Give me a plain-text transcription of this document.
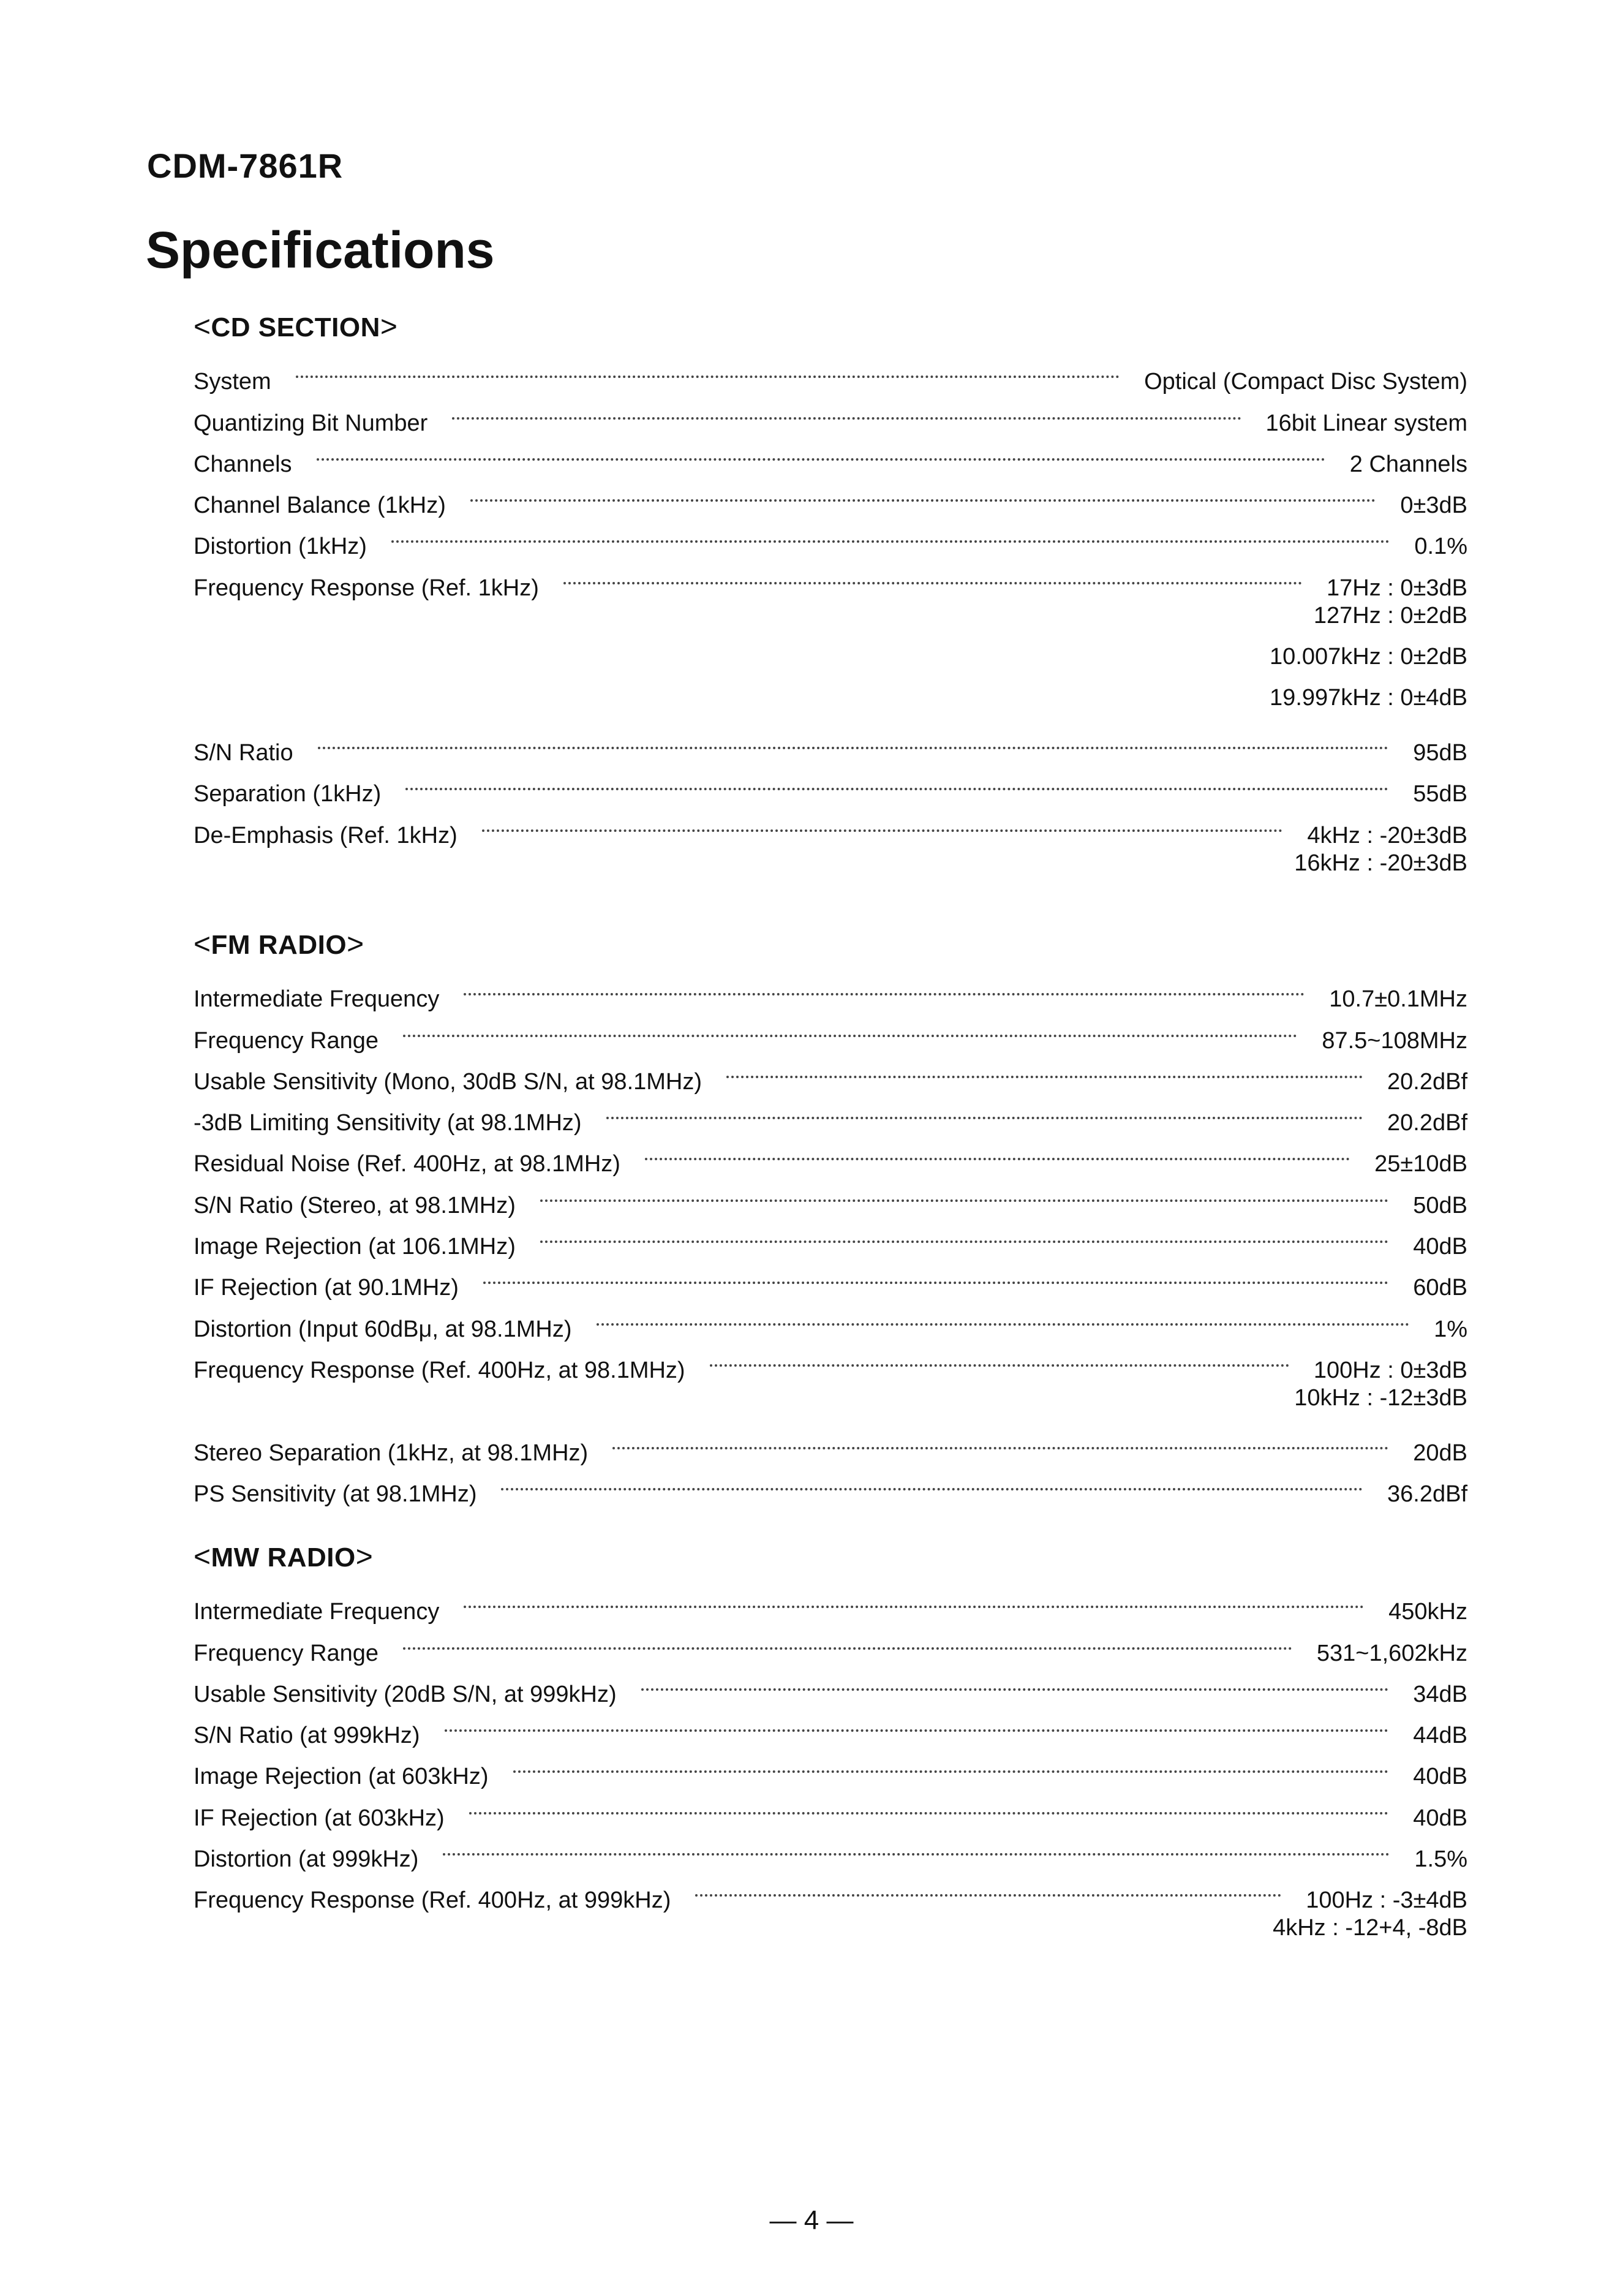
CDM-7861R
Specifications
<CD SECTION>
System	Optical (Compact Disc System)
Quantizing Bit Number	16bit Linear system
Channels	2 Channels
Channel Balance (1kHz)	0±3dB
Distortion (1kHz)	0.1%
Frequency Response (Ref. 1kHz)	17Hz : 0±3dB
127Hz : 0±2dB
10.007kHz : 0±2dB
19.997kHz : 0±4dB
S/N Ratio	95dB
Separation (1kHz)	55dB
De-Emphasis (Ref. 1kHz)	4kHz : -20±3dB
16kHz : -20±3dB
<FM RADIO>
Intermediate Frequency	10.7±0.1MHz
Frequency Range	87.5~108MHz
Usable Sensitivity (Mono, 30dB S/N, at 98.1MHz)	20.2dBf
-3dB Limiting Sensitivity (at 98.1MHz)	20.2dBf
Residual Noise (Ref. 400Hz, at 98.1MHz)	25±10dB
S/N Ratio (Stereo, at 98.1MHz)	50dB
Image Rejection (at 106.1MHz)	40dB
IF Rejection (at 90.1MHz)	60dB
Distortion (Input 60dBμ, at 98.1MHz)	1%
Frequency Response (Ref. 400Hz, at 98.1MHz)	100Hz : 0±3dB
10kHz : -12±3dB
Stereo Separation (1kHz, at 98.1MHz)	20dB
PS Sensitivity (at 98.1MHz)	36.2dBf
<MW RADIO>
Intermediate Frequency	450kHz
Frequency Range	531~1,602kHz
Usable Sensitivity (20dB S/N, at 999kHz)	34dB
S/N Ratio (at 999kHz)	44dB
Image Rejection (at 603kHz)	40dB
IF Rejection (at 603kHz)	40dB
Distortion (at 999kHz)	1.5%
Frequency Response (Ref. 400Hz, at 999kHz)	100Hz : -3±4dB
4kHz : -12+4, -8dB
— 4 —
